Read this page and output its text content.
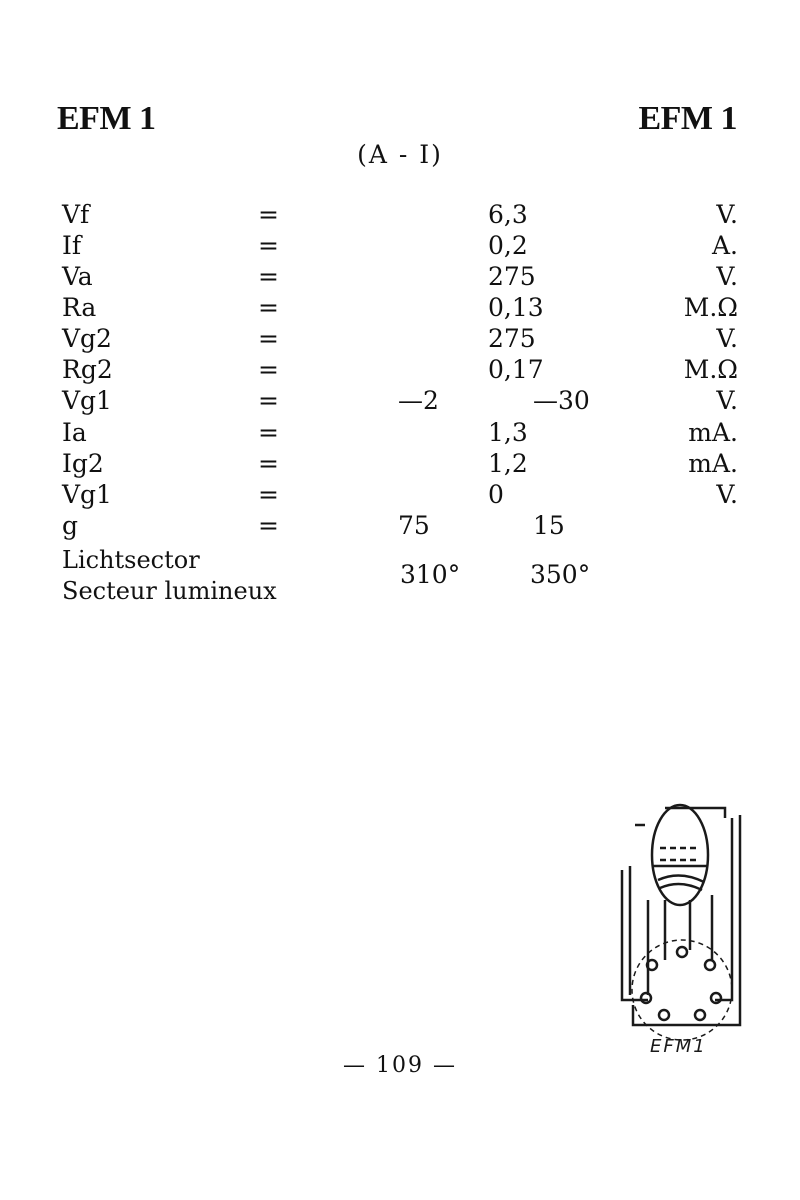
EFM 1	EFM 1
(A - I)
Vf	=	6,3	V.
If	=	0,2	A.
Va	=	275	V.
Ra	=	0,13	M.Ω
Vg2	=	275	V.
Rg2	=	0,17	M.Ω
Vg1	=	—2	—30	V.
Ia	=	1,3	mA.
Ig2	=	1,2	mA.
Vg1	=	0	V.
g	=	75	15
Lichtsector
Secteur lumineux
310°	350°
EFM1
— 109 —
